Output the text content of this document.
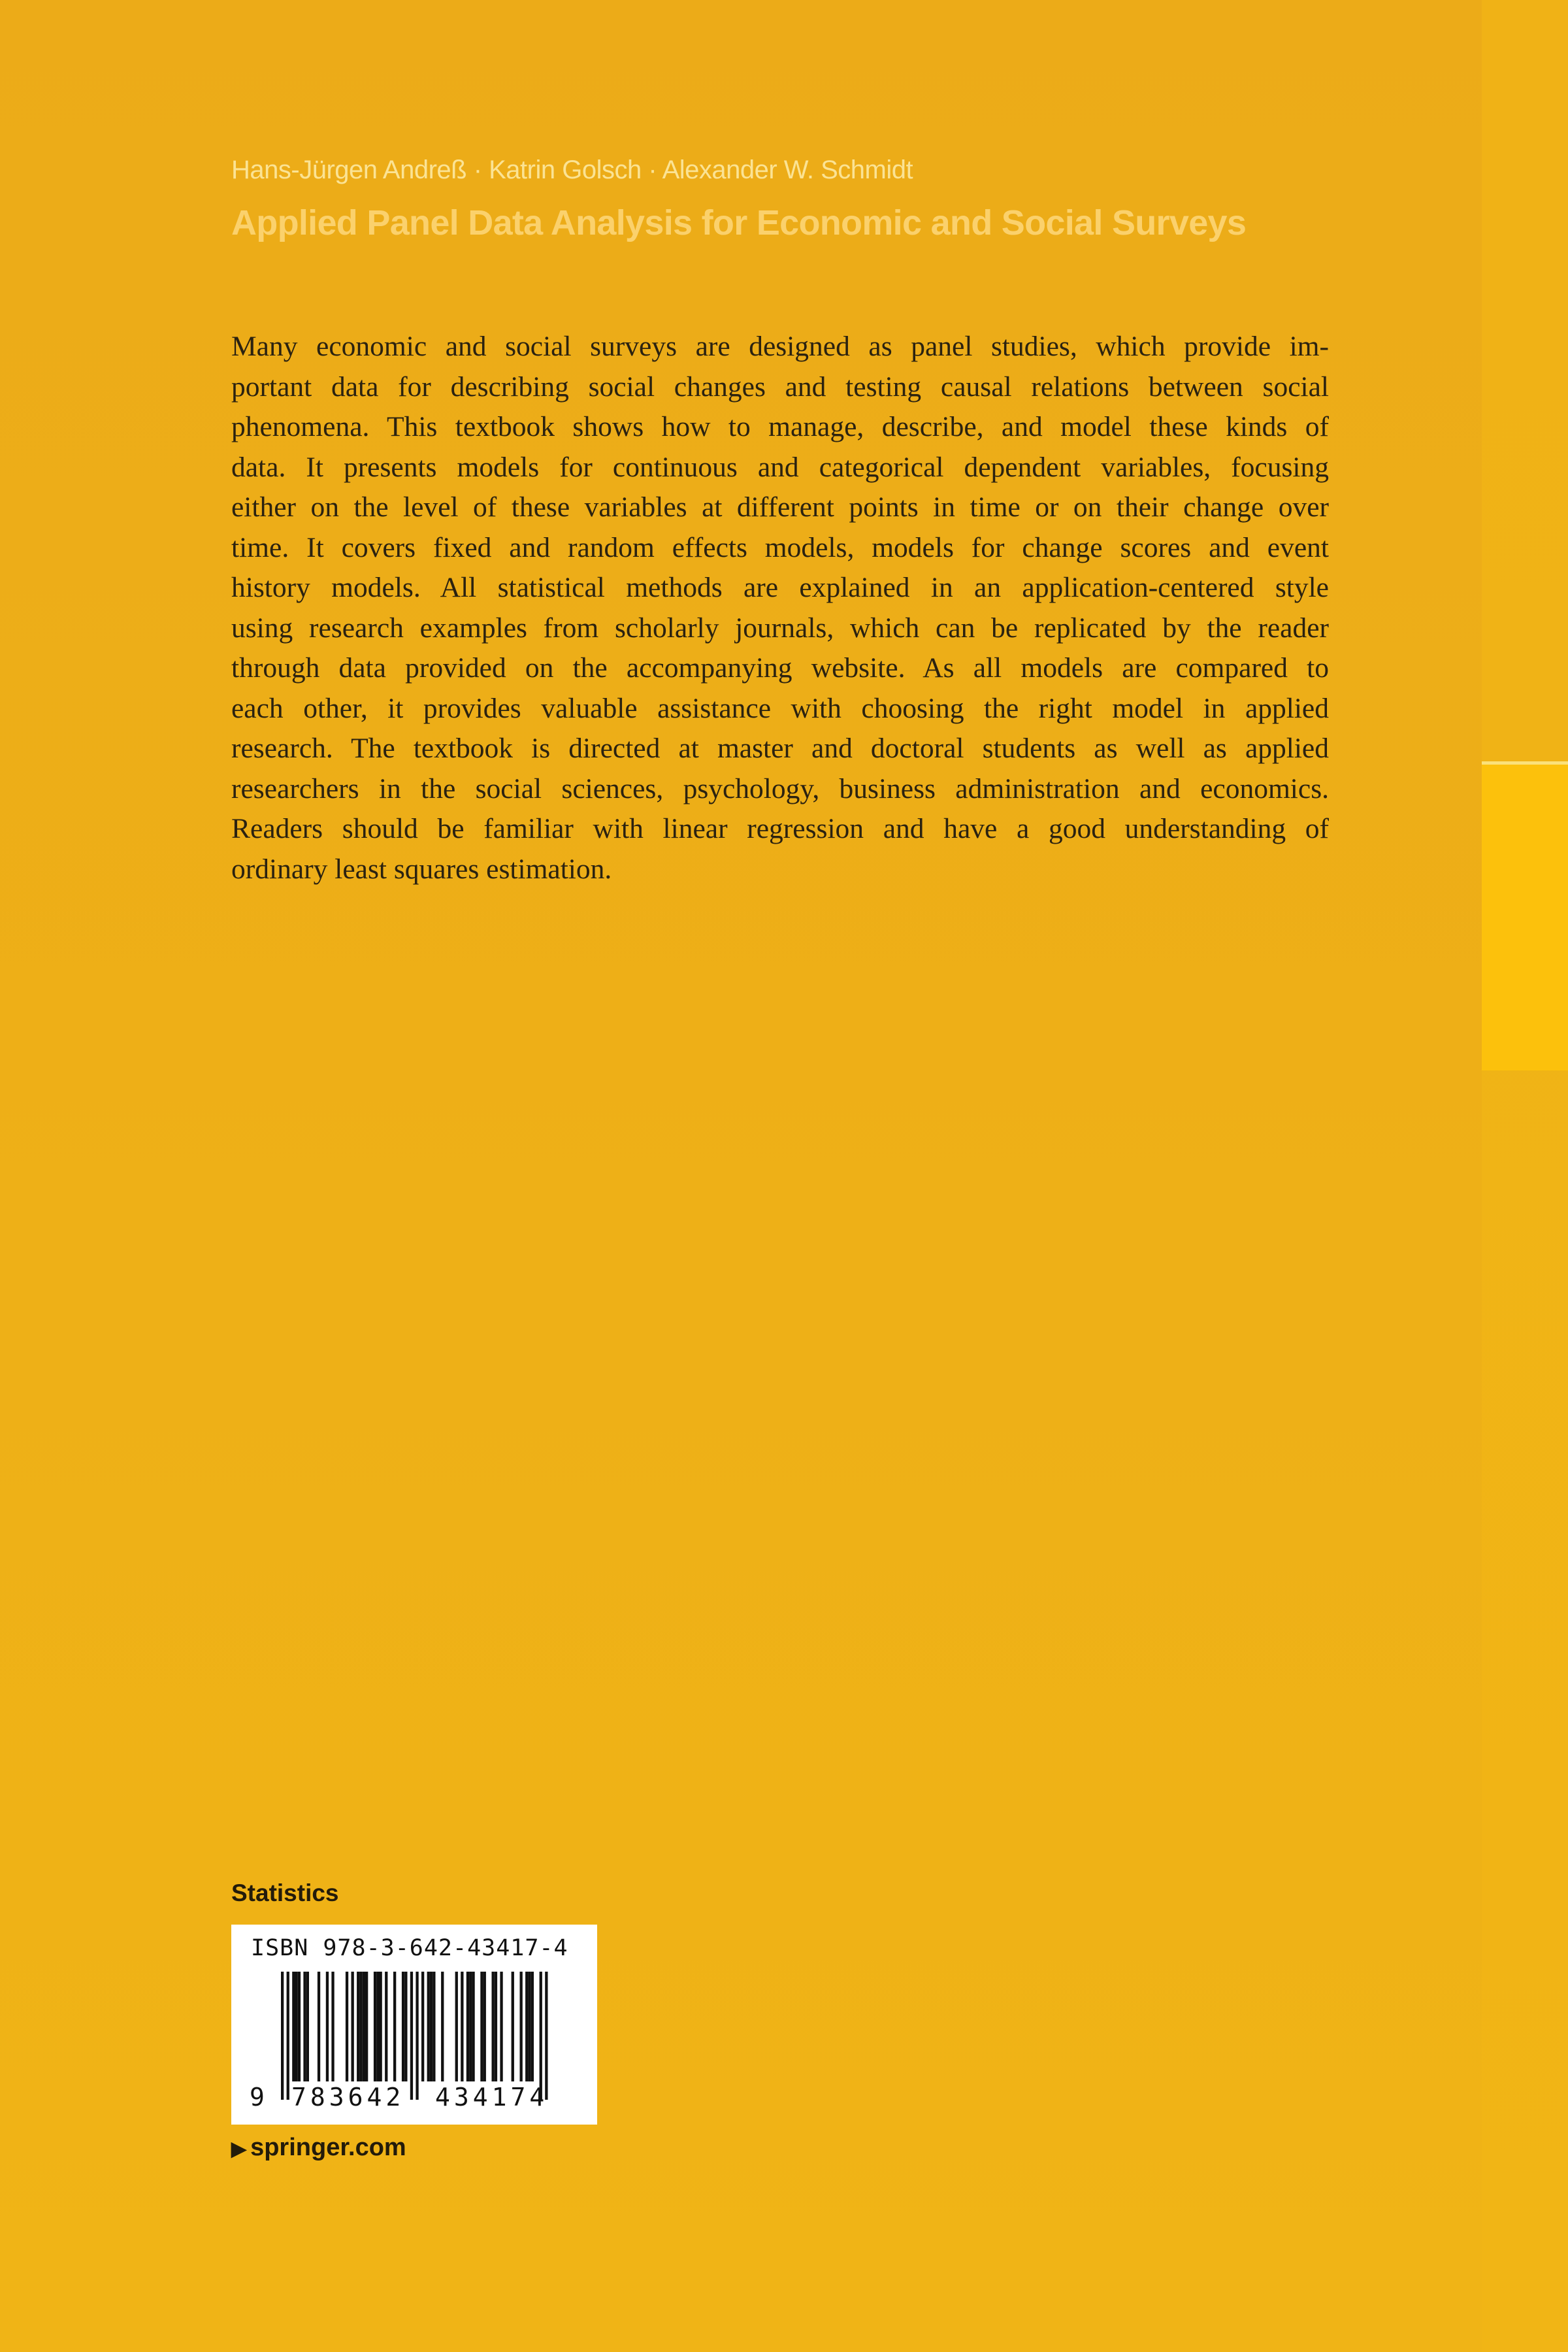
Hans-Jürgen Andreß · Katrin Golsch · Alexander W. Schmidt
Applied Panel Data Analysis for Economic and Social Surveys
Many economic and social surveys are designed as panel studies, which provide im-
portant data for describing social changes and testing causal relations between social
phenomena. This textbook shows how to manage, describe, and model these kinds of
data. It presents models for continuous and categorical dependent variables, focusing
either on the level of these variables at different points in time or on their change over
time. It covers fixed and random effects models, models for change scores and event
history models. All statistical methods are explained in an application-centered style
using research examples from scholarly journals, which can be replicated by the reader
through data provided on the accompanying website. As all models are compared to
each other, it provides valuable assistance with choosing the right model in applied
research. The textbook is directed at master and doctoral students as well as applied
researchers in the social sciences, psychology, business administration and economics.
Readers should be familiar with linear regression and have a good understanding of
ordinary least squares estimation.
Statistics
ISBN 978-3-642-43417-4
9 783642 434174
▶ springer.com
